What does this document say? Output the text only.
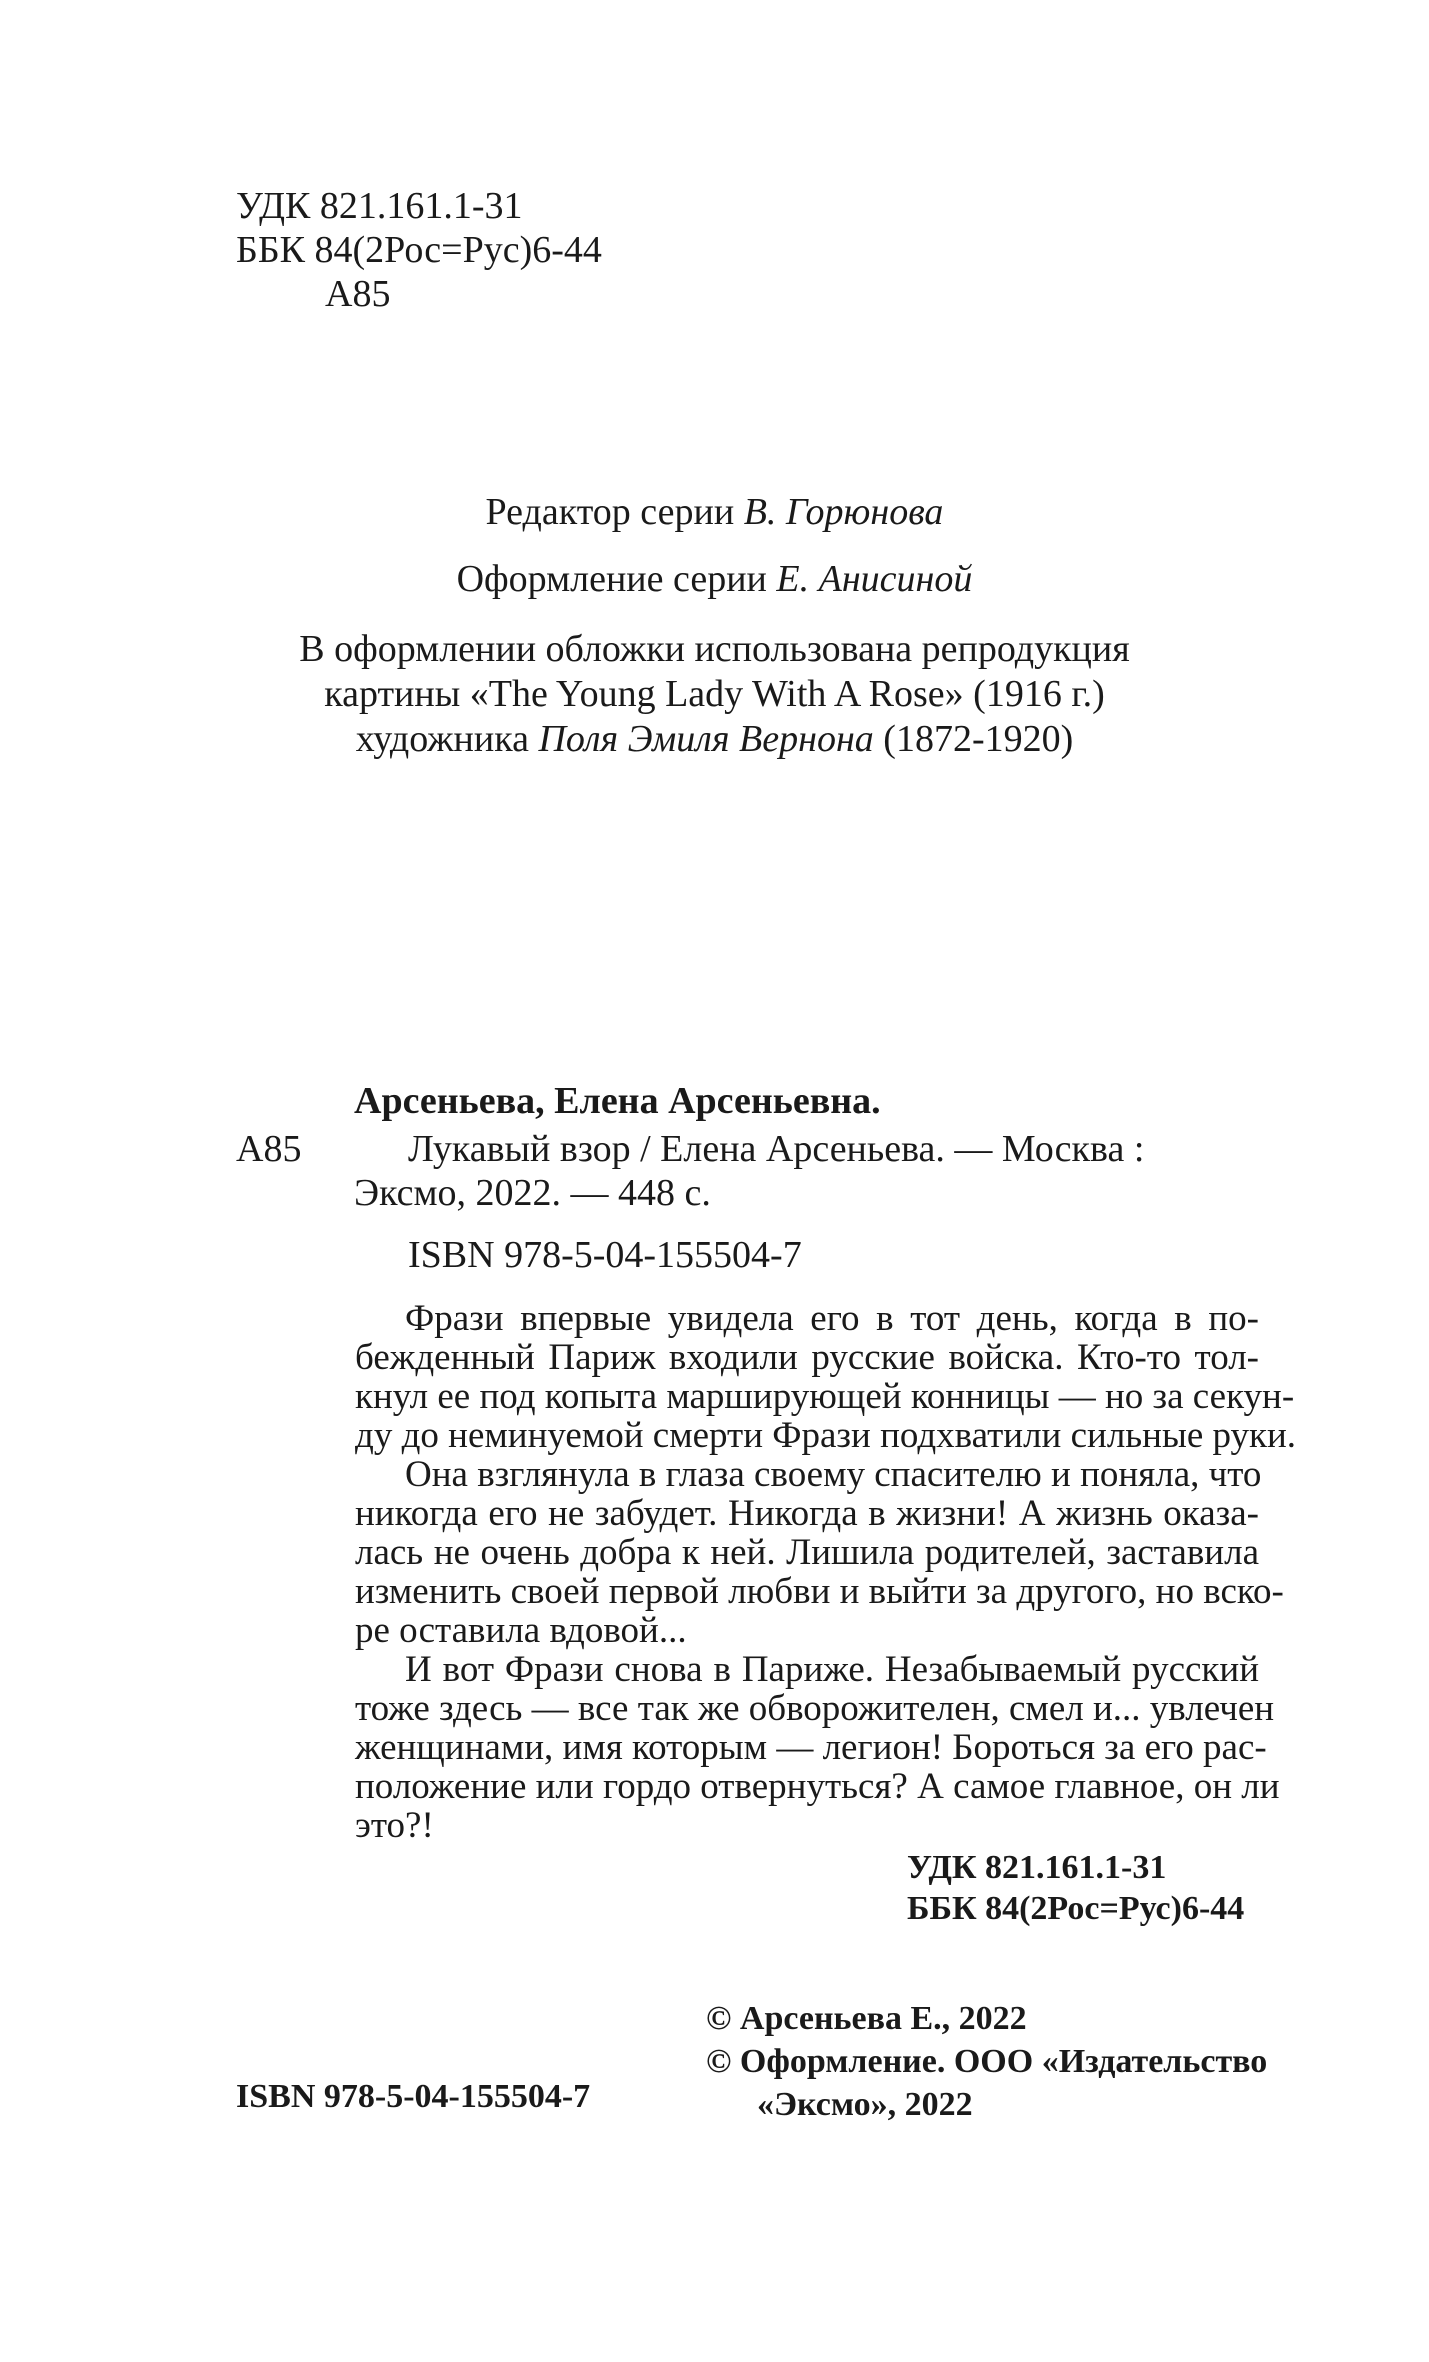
УДК 821.161.1-31
ББК 84(2Рос=Рус)6-44
А85
Редактор серии В. Горюнова
Оформление серии Е. Анисиной
В оформлении обложки использована репродукция
картины «The Young Lady With A Rose» (1916 г.)
художника Поля Эмиля Вернона (1872-1920)
Арсеньева, Елена Арсеньевна.
А85	Лукавый взор / Елена Арсеньева. — Москва :
Эксмо, 2022. — 448 с.
ISBN 978-5-04-155504-7
Фрази впервые увидела его в тот день, когда в по-
бежденный Париж входили русские войска. Кто-то тол-
кнул ее под копыта марширующей конницы — но за секун-
ду до неминуемой смерти Фрази подхватили сильные руки.
Она взглянула в глаза своему спасителю и поняла, что
никогда его не забудет. Никогда в жизни! А жизнь оказа-
лась не очень добра к ней. Лишила родителей, заставила
изменить своей первой любви и выйти за другого, но вско-
ре оставила вдовой...
И вот Фрази снова в Париже. Незабываемый русский
тоже здесь — все так же обворожителен, смел и... увлечен
женщинами, имя которым — легион! Бороться за его рас-
положение или гордо отвернуться? А самое главное, он ли
это?!
УДК 821.161.1-31
ББК 84(2Рос=Рус)6-44
© Арсеньева Е., 2022
© Оформление. ООО «Издательство
«Эксмо», 2022
ISBN 978-5-04-155504-7
